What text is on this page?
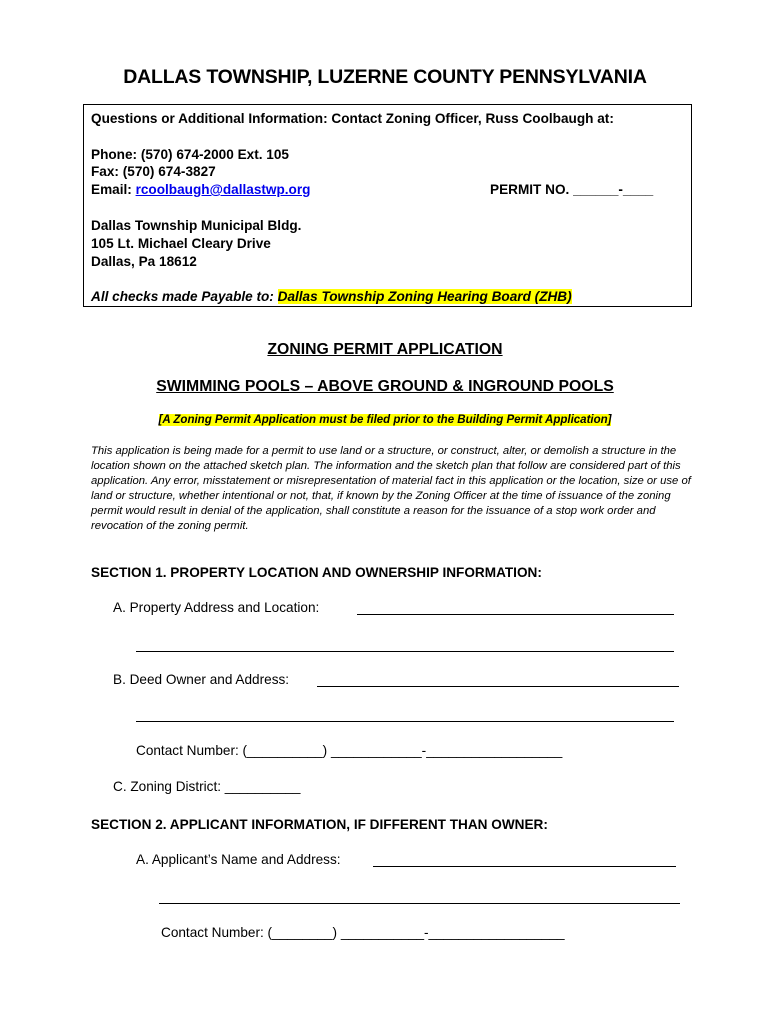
DALLAS TOWNSHIP, LUZERNE COUNTY PENNSYLVANIA
Questions or Additional Information: Contact Zoning Officer, Russ Coolbaugh at:
Phone: (570) 674-2000 Ext. 105
Fax: (570) 674-3827
Email: rcoolbaugh@dallastwp.org	PERMIT NO. ______-____
Dallas Township Municipal Bldg.
105 Lt. Michael Cleary Drive
Dallas, Pa 18612
All checks made Payable to: Dallas Township Zoning Hearing Board (ZHB)
ZONING PERMIT APPLICATION
SWIMMING POOLS – ABOVE GROUND & INGROUND POOLS
[A Zoning Permit Application must be filed prior to the Building Permit Application]
This application is being made for a permit to use land or a structure, or construct, alter, or demolish a structure in the location shown on the attached sketch plan. The information and the sketch plan that follow are considered part of this application. Any error, misstatement or misrepresentation of material fact in this application or the location, size or use of land or structure, whether intentional or not, that, if known by the Zoning Officer at the time of issuance of the zoning permit would result in denial of the application, shall constitute a reason for the issuance of a stop work order and revocation of the zoning permit.
SECTION 1. PROPERTY LOCATION AND OWNERSHIP INFORMATION:
A. Property Address and Location:
B. Deed Owner and Address:
Contact Number: (__________) ____________-__________________
C. Zoning District: __________
SECTION 2. APPLICANT INFORMATION, IF DIFFERENT THAN OWNER:
A. Applicant’s Name and Address:
Contact Number: (________) ___________-__________________
